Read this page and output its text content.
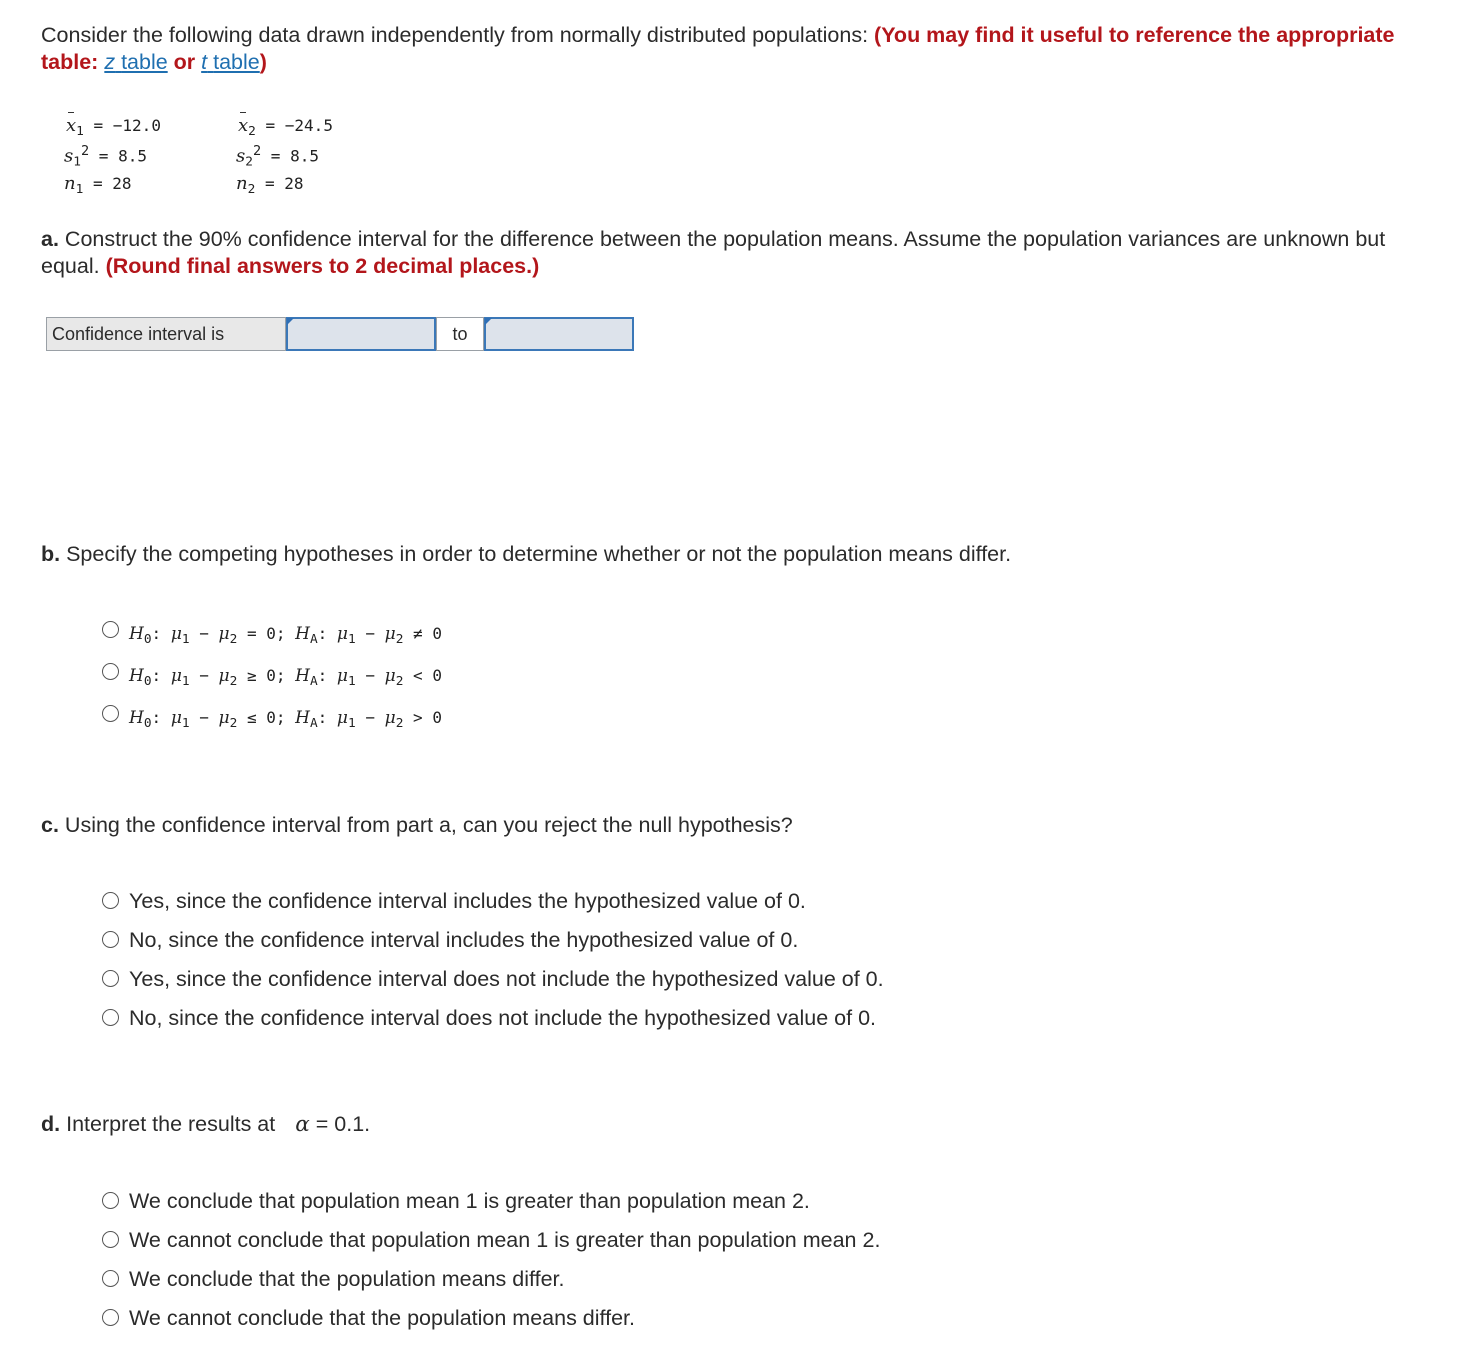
Consider the following data drawn independently from normally distributed populations: (You may find it useful to reference the appropriate table: z table or t table)
$x_1 = -12.0$	$x_2 = -24.5$
$s_1^2 = 8.5$	$s_2^2 = 8.5$
$n_1 = 28$	$n_2 = 28$
a. Construct the 90% confidence interval for the difference between the population means. Assume the population variances are unknown but equal. (Round final answers to 2 decimal places.)
Confidence interval is	to
b. Specify the competing hypotheses in order to determine whether or not the population means differ.
$H_0$: $\mu_1 - \mu_2 = 0$; $H_A$: $\mu_1 - \mu_2 \ne 0$
$H_0$: $\mu_1 - \mu_2 \ge 0$; $H_A$: $\mu_1 - \mu_2 < 0$
$H_0$: $\mu_1 - \mu_2 \le 0$; $H_A$: $\mu_1 - \mu_2 > 0$
c. Using the confidence interval from part a, can you reject the null hypothesis?
Yes, since the confidence interval includes the hypothesized value of 0.
No, since the confidence interval includes the hypothesized value of 0.
Yes, since the confidence interval does not include the hypothesized value of 0.
No, since the confidence interval does not include the hypothesized value of 0.
d. Interpret the results at α = 0.1.
We conclude that population mean 1 is greater than population mean 2.
We cannot conclude that population mean 1 is greater than population mean 2.
We conclude that the population means differ.
We cannot conclude that the population means differ.
